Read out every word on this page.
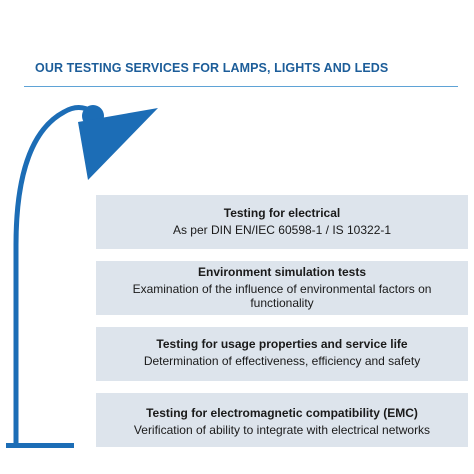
OUR TESTING SERVICES FOR LAMPS, LIGHTS AND LEDS
Testing for electrical
As per DIN EN/IEC 60598-1 / IS 10322-1
Environment simulation tests
Examination of the influence of environmental factors on functionality
Testing for usage properties and service life
Determination of effectiveness, efficiency and safety
Testing for electromagnetic compatibility (EMC)
Verification of ability to integrate with electrical networks
